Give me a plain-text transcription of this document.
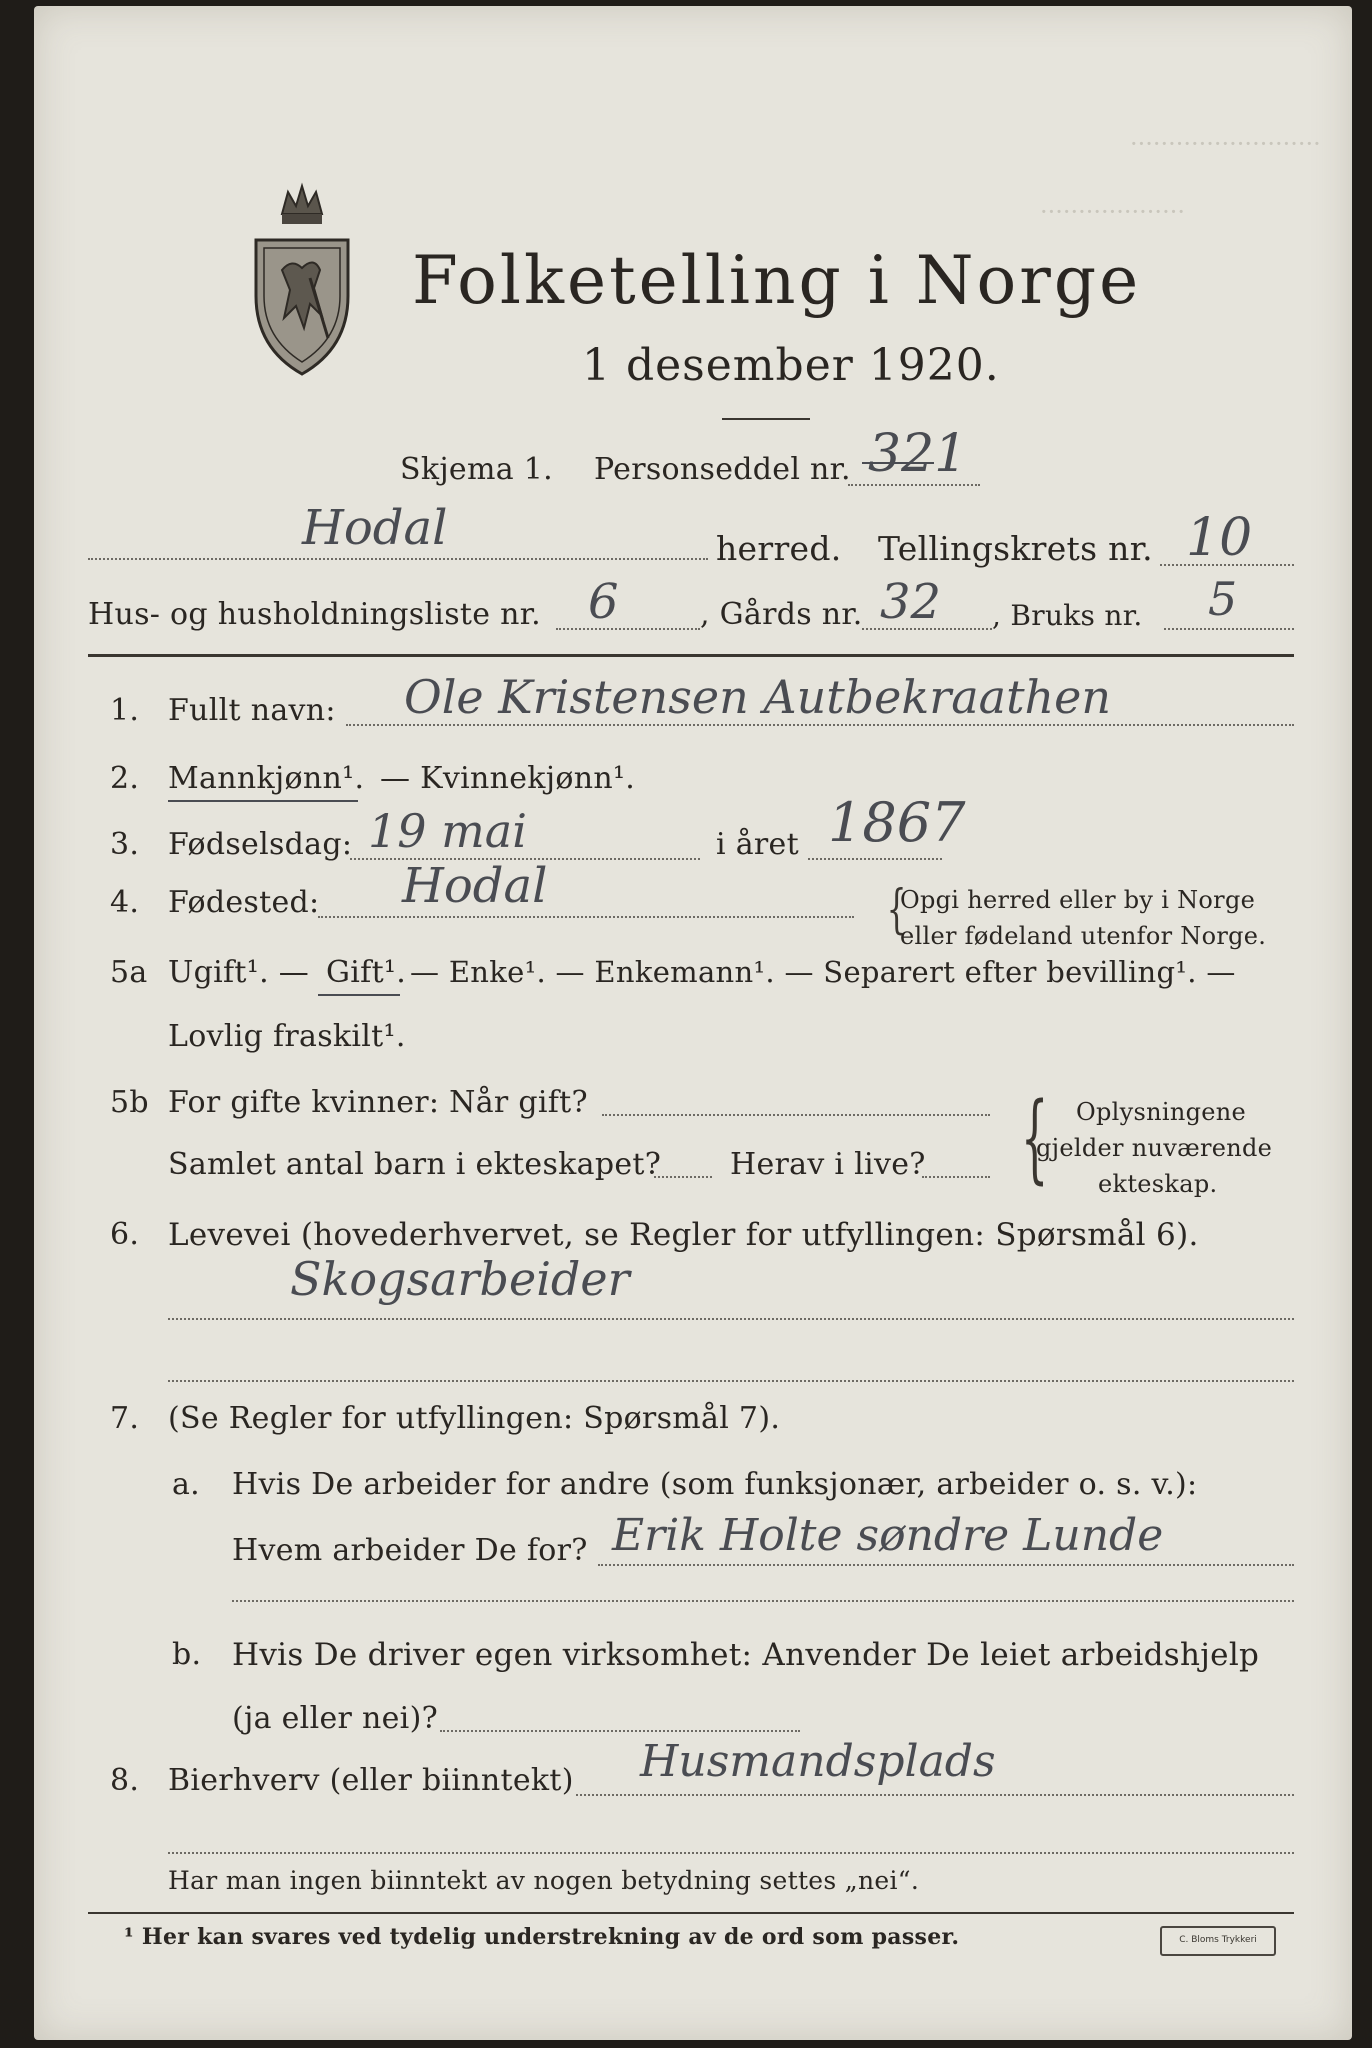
·························
···················
Folketelling i Norge
1 desember 1920.
Skjema 1. Personseddel nr. 321
Hodal	herred. Tellingskrets nr. 10
Hus- og husholdningsliste nr. 6	, Gårds nr. 32 , Bruks nr. 5
1. Fullt navn: Ole Kristensen Autbekraathen
2. Mannkjønn¹. — Kvinnekjønn¹.
3. Fødselsdag: 19 mai	i året 1867
4. Fødested: Hodal	{
Opgi herred eller by i Norge
eller fødeland utenfor Norge.
5a Ugift¹. — Gift¹. — Enke¹. — Enkemann¹. — Separert efter bevilling¹. —
Lovlig fraskilt¹.
5b For gifte kvinner: Når gift?
Samlet antal barn i ekteskapet? Herav i live? { Oplysningene
gjelder nuværende
ekteskap.
6. Levevei (hovederhvervet, se Regler for utfyllingen: Spørsmål 6).
Skogsarbeider
7. (Se Regler for utfyllingen: Spørsmål 7).
a. Hvis De arbeider for andre (som funksjonær, arbeider o. s. v.):
Hvem arbeider De for? Erik Holte søndre Lunde
b. Hvis De driver egen virksomhet: Anvender De leiet arbeidshjelp
(ja eller nei)?
8. Bierhverv (eller biinntekt) Husmandsplads
Har man ingen biinntekt av nogen betydning settes „nei“.
¹ Her kan svares ved tydelig understrekning av de ord som passer.	C. Bloms Trykkeri
